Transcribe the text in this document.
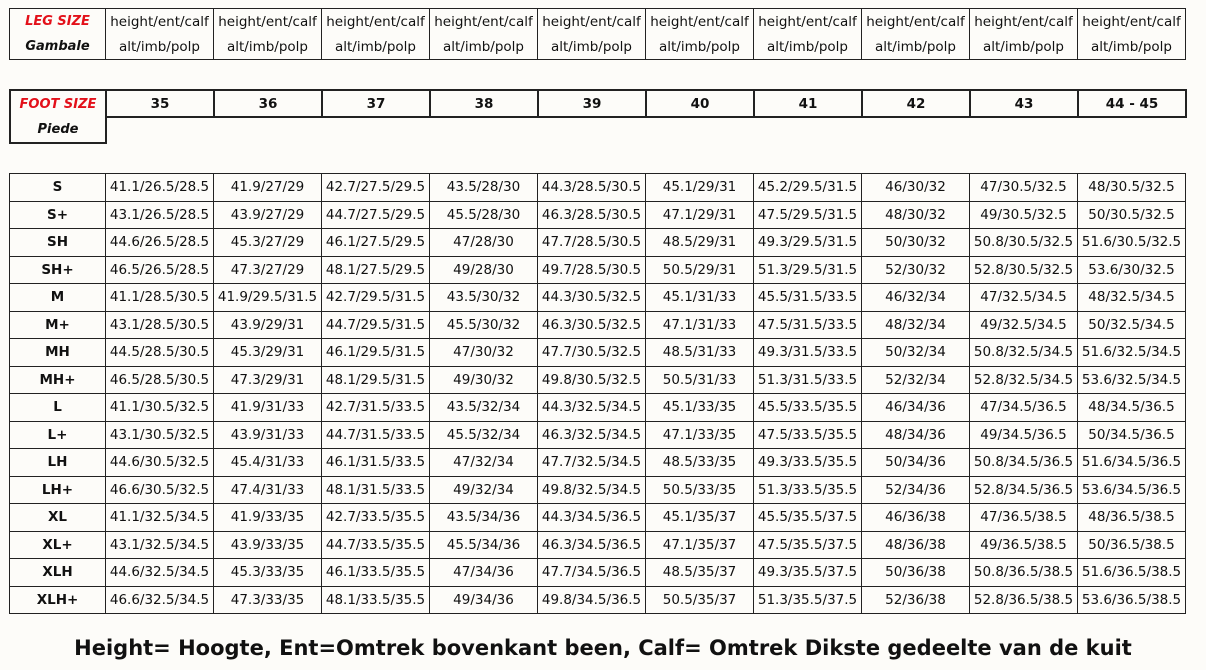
LEG SIZE	height/ent/calf	height/ent/calf	height/ent/calf	height/ent/calf	height/ent/calf	height/ent/calf	height/ent/calf	height/ent/calf	height/ent/calf	height/ent/calf
Gambale	alt/imb/polp	alt/imb/polp	alt/imb/polp	alt/imb/polp	alt/imb/polp	alt/imb/polp	alt/imb/polp	alt/imb/polp	alt/imb/polp	alt/imb/polp
FOOT SIZE	35	36	37	38	39	40	41	42	43	44 - 45
Piede										
S	41.1/26.5/28.5	41.9/27/29	42.7/27.5/29.5	43.5/28/30	44.3/28.5/30.5	45.1/29/31	45.2/29.5/31.5	46/30/32	47/30.5/32.5	48/30.5/32.5
S+	43.1/26.5/28.5	43.9/27/29	44.7/27.5/29.5	45.5/28/30	46.3/28.5/30.5	47.1/29/31	47.5/29.5/31.5	48/30/32	49/30.5/32.5	50/30.5/32.5
SH	44.6/26.5/28.5	45.3/27/29	46.1/27.5/29.5	47/28/30	47.7/28.5/30.5	48.5/29/31	49.3/29.5/31.5	50/30/32	50.8/30.5/32.5	51.6/30.5/32.5
SH+	46.5/26.5/28.5	47.3/27/29	48.1/27.5/29.5	49/28/30	49.7/28.5/30.5	50.5/29/31	51.3/29.5/31.5	52/30/32	52.8/30.5/32.5	53.6/30/32.5
M	41.1/28.5/30.5	41.9/29.5/31.5	42.7/29.5/31.5	43.5/30/32	44.3/30.5/32.5	45.1/31/33	45.5/31.5/33.5	46/32/34	47/32.5/34.5	48/32.5/34.5
M+	43.1/28.5/30.5	43.9/29/31	44.7/29.5/31.5	45.5/30/32	46.3/30.5/32.5	47.1/31/33	47.5/31.5/33.5	48/32/34	49/32.5/34.5	50/32.5/34.5
MH	44.5/28.5/30.5	45.3/29/31	46.1/29.5/31.5	47/30/32	47.7/30.5/32.5	48.5/31/33	49.3/31.5/33.5	50/32/34	50.8/32.5/34.5	51.6/32.5/34.5
MH+	46.5/28.5/30.5	47.3/29/31	48.1/29.5/31.5	49/30/32	49.8/30.5/32.5	50.5/31/33	51.3/31.5/33.5	52/32/34	52.8/32.5/34.5	53.6/32.5/34.5
L	41.1/30.5/32.5	41.9/31/33	42.7/31.5/33.5	43.5/32/34	44.3/32.5/34.5	45.1/33/35	45.5/33.5/35.5	46/34/36	47/34.5/36.5	48/34.5/36.5
L+	43.1/30.5/32.5	43.9/31/33	44.7/31.5/33.5	45.5/32/34	46.3/32.5/34.5	47.1/33/35	47.5/33.5/35.5	48/34/36	49/34.5/36.5	50/34.5/36.5
LH	44.6/30.5/32.5	45.4/31/33	46.1/31.5/33.5	47/32/34	47.7/32.5/34.5	48.5/33/35	49.3/33.5/35.5	50/34/36	50.8/34.5/36.5	51.6/34.5/36.5
LH+	46.6/30.5/32.5	47.4/31/33	48.1/31.5/33.5	49/32/34	49.8/32.5/34.5	50.5/33/35	51.3/33.5/35.5	52/34/36	52.8/34.5/36.5	53.6/34.5/36.5
XL	41.1/32.5/34.5	41.9/33/35	42.7/33.5/35.5	43.5/34/36	44.3/34.5/36.5	45.1/35/37	45.5/35.5/37.5	46/36/38	47/36.5/38.5	48/36.5/38.5
XL+	43.1/32.5/34.5	43.9/33/35	44.7/33.5/35.5	45.5/34/36	46.3/34.5/36.5	47.1/35/37	47.5/35.5/37.5	48/36/38	49/36.5/38.5	50/36.5/38.5
XLH	44.6/32.5/34.5	45.3/33/35	46.1/33.5/35.5	47/34/36	47.7/34.5/36.5	48.5/35/37	49.3/35.5/37.5	50/36/38	50.8/36.5/38.5	51.6/36.5/38.5
XLH+	46.6/32.5/34.5	47.3/33/35	48.1/33.5/35.5	49/34/36	49.8/34.5/36.5	50.5/35/37	51.3/35.5/37.5	52/36/38	52.8/36.5/38.5	53.6/36.5/38.5
Height= Hoogte, Ent=Omtrek bovenkant been, Calf= Omtrek Dikste gedeelte van de kuit
